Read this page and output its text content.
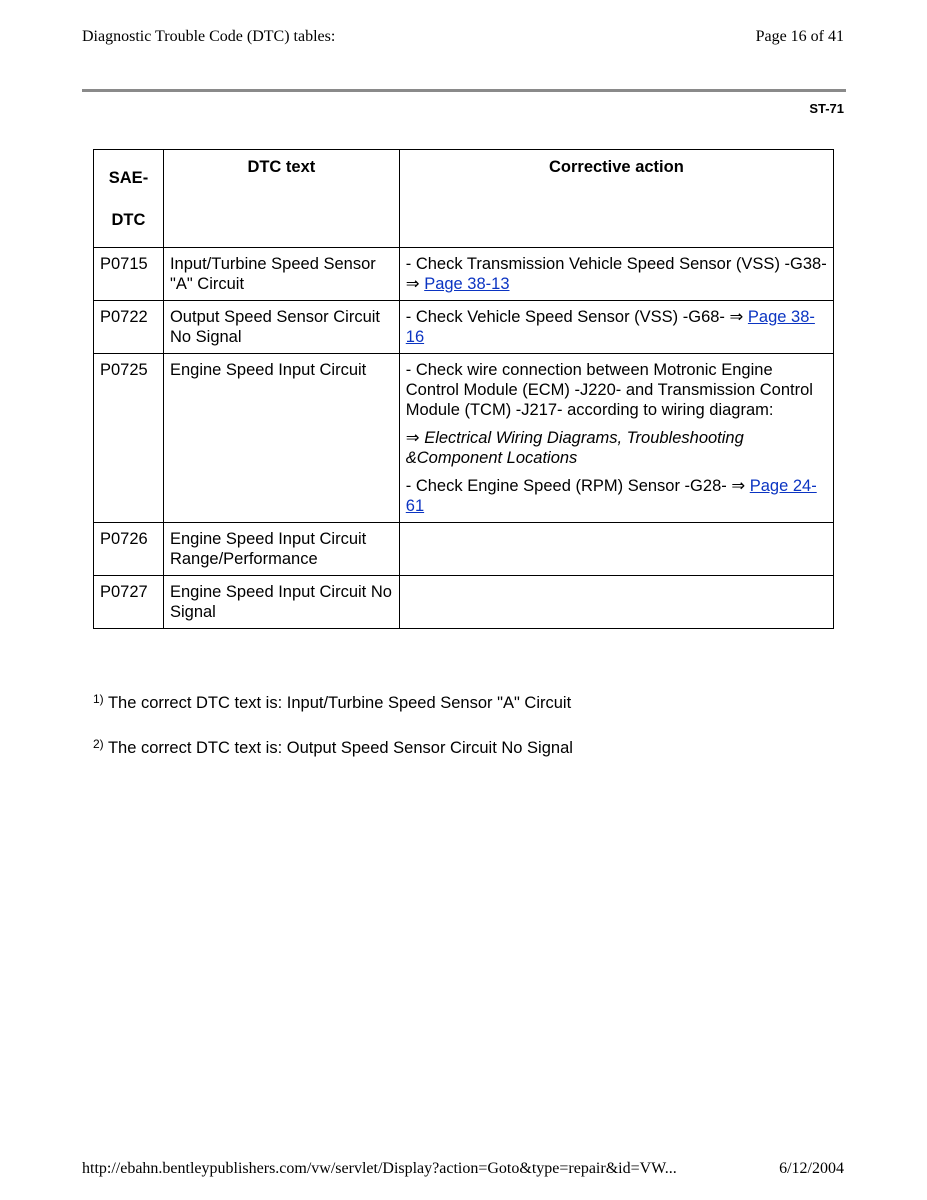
Diagnostic Trouble Code (DTC) tables:	Page 16 of 41
ST-71
SAE-
DTC	DTC text	Corrective action
P0715	Input/Turbine Speed Sensor "A" Circuit	- Check Transmission Vehicle Speed Sensor (VSS) -G38- ⇒ Page 38-13

P0722	Output Speed Sensor Circuit No Signal	- Check Vehicle Speed Sensor (VSS) -G68- ⇒ Page 38-16

P0725	Engine Speed Input Circuit	- Check wire connection between Motronic Engine Control Module (ECM) -J220- and Transmission Control Module (TCM) -J217- according to wiring diagram:

⇒ Electrical Wiring Diagrams, Troubleshooting &Component Locations

- Check Engine Speed (RPM) Sensor -G28- ⇒ Page 24-61

P0726	Engine Speed Input Circuit Range/Performance	
P0727	Engine Speed Input Circuit No Signal	
$^{1)}$ The correct DTC text is: Input/Turbine Speed Sensor "A" Circuit
$^{2)}$ The correct DTC text is: Output Speed Sensor Circuit No Signal
http://ebahn.bentleypublishers.com/vw/servlet/Display?action=Goto&type=repair&id=VW...	6/12/2004
